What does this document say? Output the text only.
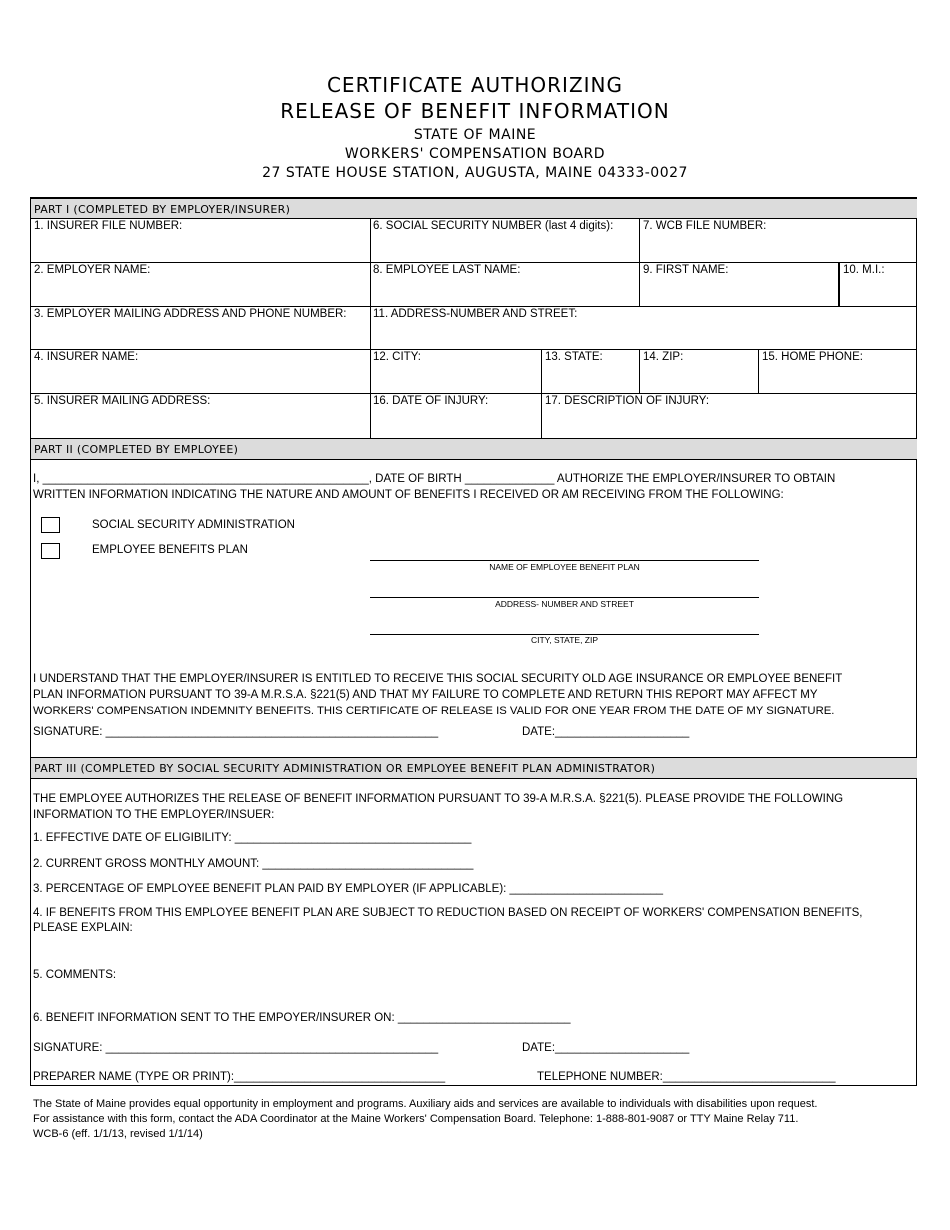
CERTIFICATE AUTHORIZING
RELEASE OF BENEFIT INFORMATION
STATE OF MAINE
WORKERS' COMPENSATION BOARD
27 STATE HOUSE STATION, AUGUSTA, MAINE 04333-0027
PART I (COMPLETED BY EMPLOYER/INSURER)
1. INSURER FILE NUMBER:	6. SOCIAL SECURITY NUMBER (last 4 digits):	7. WCB FILE NUMBER:
2. EMPLOYER NAME:	8. EMPLOYEE LAST NAME:	9. FIRST NAME:	10. M.I.:
3. EMPLOYER MAILING ADDRESS AND PHONE NUMBER: 11. ADDRESS-NUMBER AND STREET:
4. INSURER NAME:	12. CITY:	13. STATE:	14. ZIP:	15. HOME PHONE:
5. INSURER MAILING ADDRESS:	16. DATE OF INJURY:	17. DESCRIPTION OF INJURY:
PART II (COMPLETED BY EMPLOYEE)
I, ___________________________________________________, DATE OF BIRTH ______________ AUTHORIZE THE EMPLOYER/INSURER TO OBTAIN
WRITTEN INFORMATION INDICATING THE NATURE AND AMOUNT OF BENEFITS I RECEIVED OR AM RECEIVING FROM THE FOLLOWING:
SOCIAL SECURITY ADMINISTRATION
EMPLOYEE BENEFITS PLAN
NAME OF EMPLOYEE BENEFIT PLAN
ADDRESS- NUMBER AND STREET
CITY, STATE, ZIP
I UNDERSTAND THAT THE EMPLOYER/INSURER IS ENTITLED TO RECEIVE THIS SOCIAL SECURITY OLD AGE INSURANCE OR EMPLOYEE BENEFIT
PLAN INFORMATION PURSUANT TO 39-A M.R.S.A. §221(5) AND THAT MY FAILURE TO COMPLETE AND RETURN THIS REPORT MAY AFFECT MY
WORKERS' COMPENSATION INDEMNITY BENEFITS. THIS CERTIFICATE OF RELEASE IS VALID FOR ONE YEAR FROM THE DATE OF MY SIGNATURE.
SIGNATURE: ____________________________________________________	DATE:_____________________
PART III (COMPLETED BY SOCIAL SECURITY ADMINISTRATION OR EMPLOYEE BENEFIT PLAN ADMINISTRATOR)
THE EMPLOYEE AUTHORIZES THE RELEASE OF BENEFIT INFORMATION PURSUANT TO 39-A M.R.S.A. §221(5). PLEASE PROVIDE THE FOLLOWING
INFORMATION TO THE EMPLOYER/INSUER:
1. EFFECTIVE DATE OF ELIGIBILITY: _____________________________________
2. CURRENT GROSS MONTHLY AMOUNT: _________________________________
3. PERCENTAGE OF EMPLOYEE BENEFIT PLAN PAID BY EMPLOYER (IF APPLICABLE): ________________________
4. IF BENEFITS FROM THIS EMPLOYEE BENEFIT PLAN ARE SUBJECT TO REDUCTION BASED ON RECEIPT OF WORKERS' COMPENSATION BENEFITS,
PLEASE EXPLAIN:
5. COMMENTS:
6. BENEFIT INFORMATION SENT TO THE EMPOYER/INSURER ON: ___________________________
SIGNATURE: ____________________________________________________	DATE:_____________________
PREPARER NAME (TYPE OR PRINT):_________________________________	TELEPHONE NUMBER:___________________________
The State of Maine provides equal opportunity in employment and programs. Auxiliary aids and services are available to individuals with disabilities upon request.
For assistance with this form, contact the ADA Coordinator at the Maine Workers' Compensation Board. Telephone: 1-888-801-9087 or TTY Maine Relay 711.
WCB-6 (eff. 1/1/13, revised 1/1/14)
